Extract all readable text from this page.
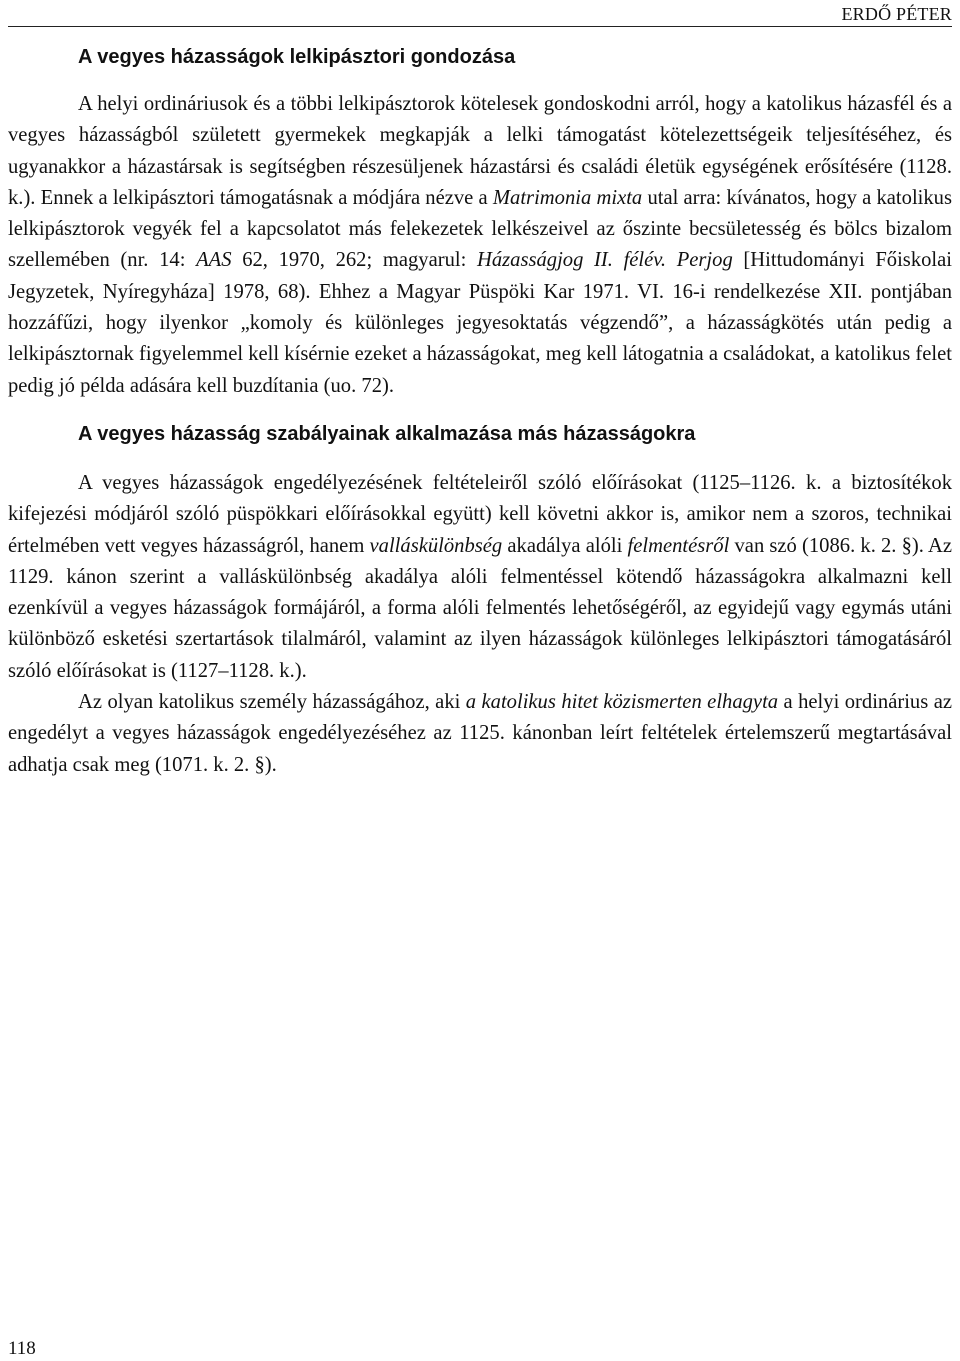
ERDŐ PÉTER
A vegyes házasságok lelkipásztori gondozása

A helyi ordináriusok és a többi lelkipásztorok kötelesek gondoskodni arról, hogy a katolikus házasfél és a vegyes házasságból született gyermekek megkapják a lelki támogatást kötelezettségeik teljesítéséhez, és ugyanakkor a házastársak is segítségben részesüljenek házastársi és családi életük egységének erősítésére (1128. k.). Ennek a lelkipásztori támogatásnak a módjára nézve a Matrimonia mixta utal arra: kívánatos, hogy a katolikus lelkipásztorok vegyék fel a kapcsolatot más felekezetek lelkészeivel az őszinte becsületesség és bölcs bizalom szellemében (nr. 14: AAS 62, 1970, 262; magyarul: Házasságjog II. félév. Perjog [Hittudományi Főiskolai Jegyzetek, Nyíregyháza] 1978, 68). Ehhez a Magyar Püspöki Kar 1971. VI. 16-i rendelkezése XII. pontjában hozzáfűzi, hogy ilyenkor „komoly és különleges jegyesoktatás végzendő”, a házasságkötés után pedig a lelkipásztornak figyelemmel kell kísérnie ezeket a házasságokat, meg kell látogatnia a családokat, a katolikus felet pedig jó példa adására kell buzdítania (uo. 72).

A vegyes házasság szabályainak alkalmazása más házasságokra

A vegyes házasságok engedélyezésének feltételeiről szóló előírásokat (1125–1126. k. a biztosítékok kifejezési módjáról szóló püspökkari előírásokkal együtt) kell követni akkor is, amikor nem a szoros, technikai értelmében vett vegyes házasságról, hanem valláskülönbség akadálya alóli felmentésről van szó (1086. k. 2. §). Az 1129. kánon szerint a valláskülönbség akadálya alóli felmentéssel kötendő házasságokra alkalmazni kell ezenkívül a vegyes házasságok formájáról, a forma alóli felmentés lehetőségéről, az egyidejű vagy egymás utáni különböző esketési szertartások tilalmáról, valamint az ilyen házasságok különleges lelkipásztori támogatásáról szóló előírásokat is (1127–1128. k.).

Az olyan katolikus személy házasságához, aki a katolikus hitet közismerten elhagyta a helyi ordinárius az engedélyt a vegyes házasságok engedélyezéséhez az 1125. kánonban leírt feltételek értelemszerű megtartásával adhatja csak meg (1071. k. 2. §).

118
